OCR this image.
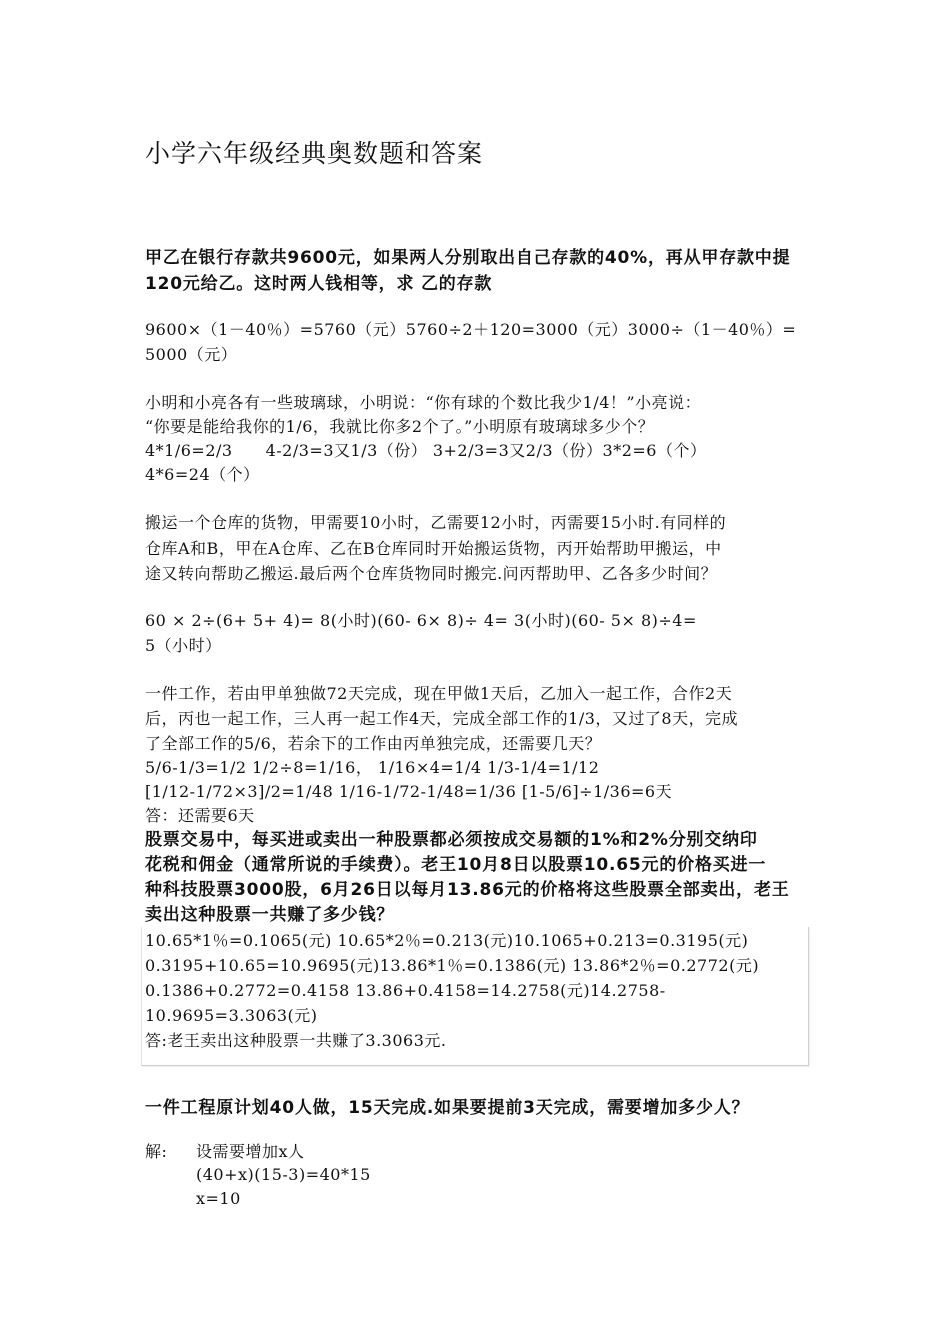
小学六年级经典奥数题和答案
甲乙在银行存款共9600元，如果两人分别取出自己存款的40%，再从甲存款中提
120元给乙。这时两人钱相等，求 乙的存款
9600×（1－40％）=5760（元）5760÷2＋120=3000（元）3000÷（1－40％）=
5000（元）
小明和小亮各有一些玻璃球，小明说：“你有球的个数比我少1/4！”小亮说：
“你要是能给我你的1/6，我就比你多2个了。”小明原有玻璃球多少个？
4*1/6=2/3　　4-2/3=3又1/3（份） 3+2/3=3又2/3（份）3*2=6（个）
4*6=24（个）
搬运一个仓库的货物，甲需要10小时，乙需要12小时，丙需要15小时.有同样的
仓库A和B，甲在A仓库、乙在B仓库同时开始搬运货物，丙开始帮助甲搬运，中
途又转向帮助乙搬运.最后两个仓库货物同时搬完.问丙帮助甲、乙各多少时间？
60 × 2÷(6+ 5+ 4)= 8(小时)(60- 6× 8)÷ 4= 3(小时)(60- 5× 8)÷4=
5（小时）
一件工作，若由甲单独做72天完成，现在甲做1天后，乙加入一起工作，合作2天
后，丙也一起工作，三人再一起工作4天，完成全部工作的1/3，又过了8天，完成
了全部工作的5/6，若余下的工作由丙单独完成，还需要几天？
5/6-1/3=1/2 1/2÷8=1/16， 1/16×4=1/4 1/3-1/4=1/12
[1/12-1/72×3]/2=1/48 1/16-1/72-1/48=1/36 [1-5/6]÷1/36=6天
答：还需要6天
股票交易中，每买进或卖出一种股票都必须按成交易额的1%和2%分别交纳印
花税和佣金（通常所说的手续费）。老王10月8日以股票10.65元的价格买进一
种科技股票3000股，6月26日以每月13.86元的价格将这些股票全部卖出，老王
卖出这种股票一共赚了多少钱？
10.65*1％=0.1065(元) 10.65*2％=0.213(元)10.1065+0.213=0.3195(元)
0.3195+10.65=10.9695(元)13.86*1％=0.1386(元) 13.86*2％=0.2772(元)
0.1386+0.2772=0.4158 13.86+0.4158=14.2758(元)14.2758-
10.9695=3.3063(元)
答:老王卖出这种股票一共赚了3.3063元.
一件工程原计划40人做，15天完成.如果要提前3天完成，需要增加多少人？
解: 设需要增加x人
(40+x)(15-3)=40*15
x=10
